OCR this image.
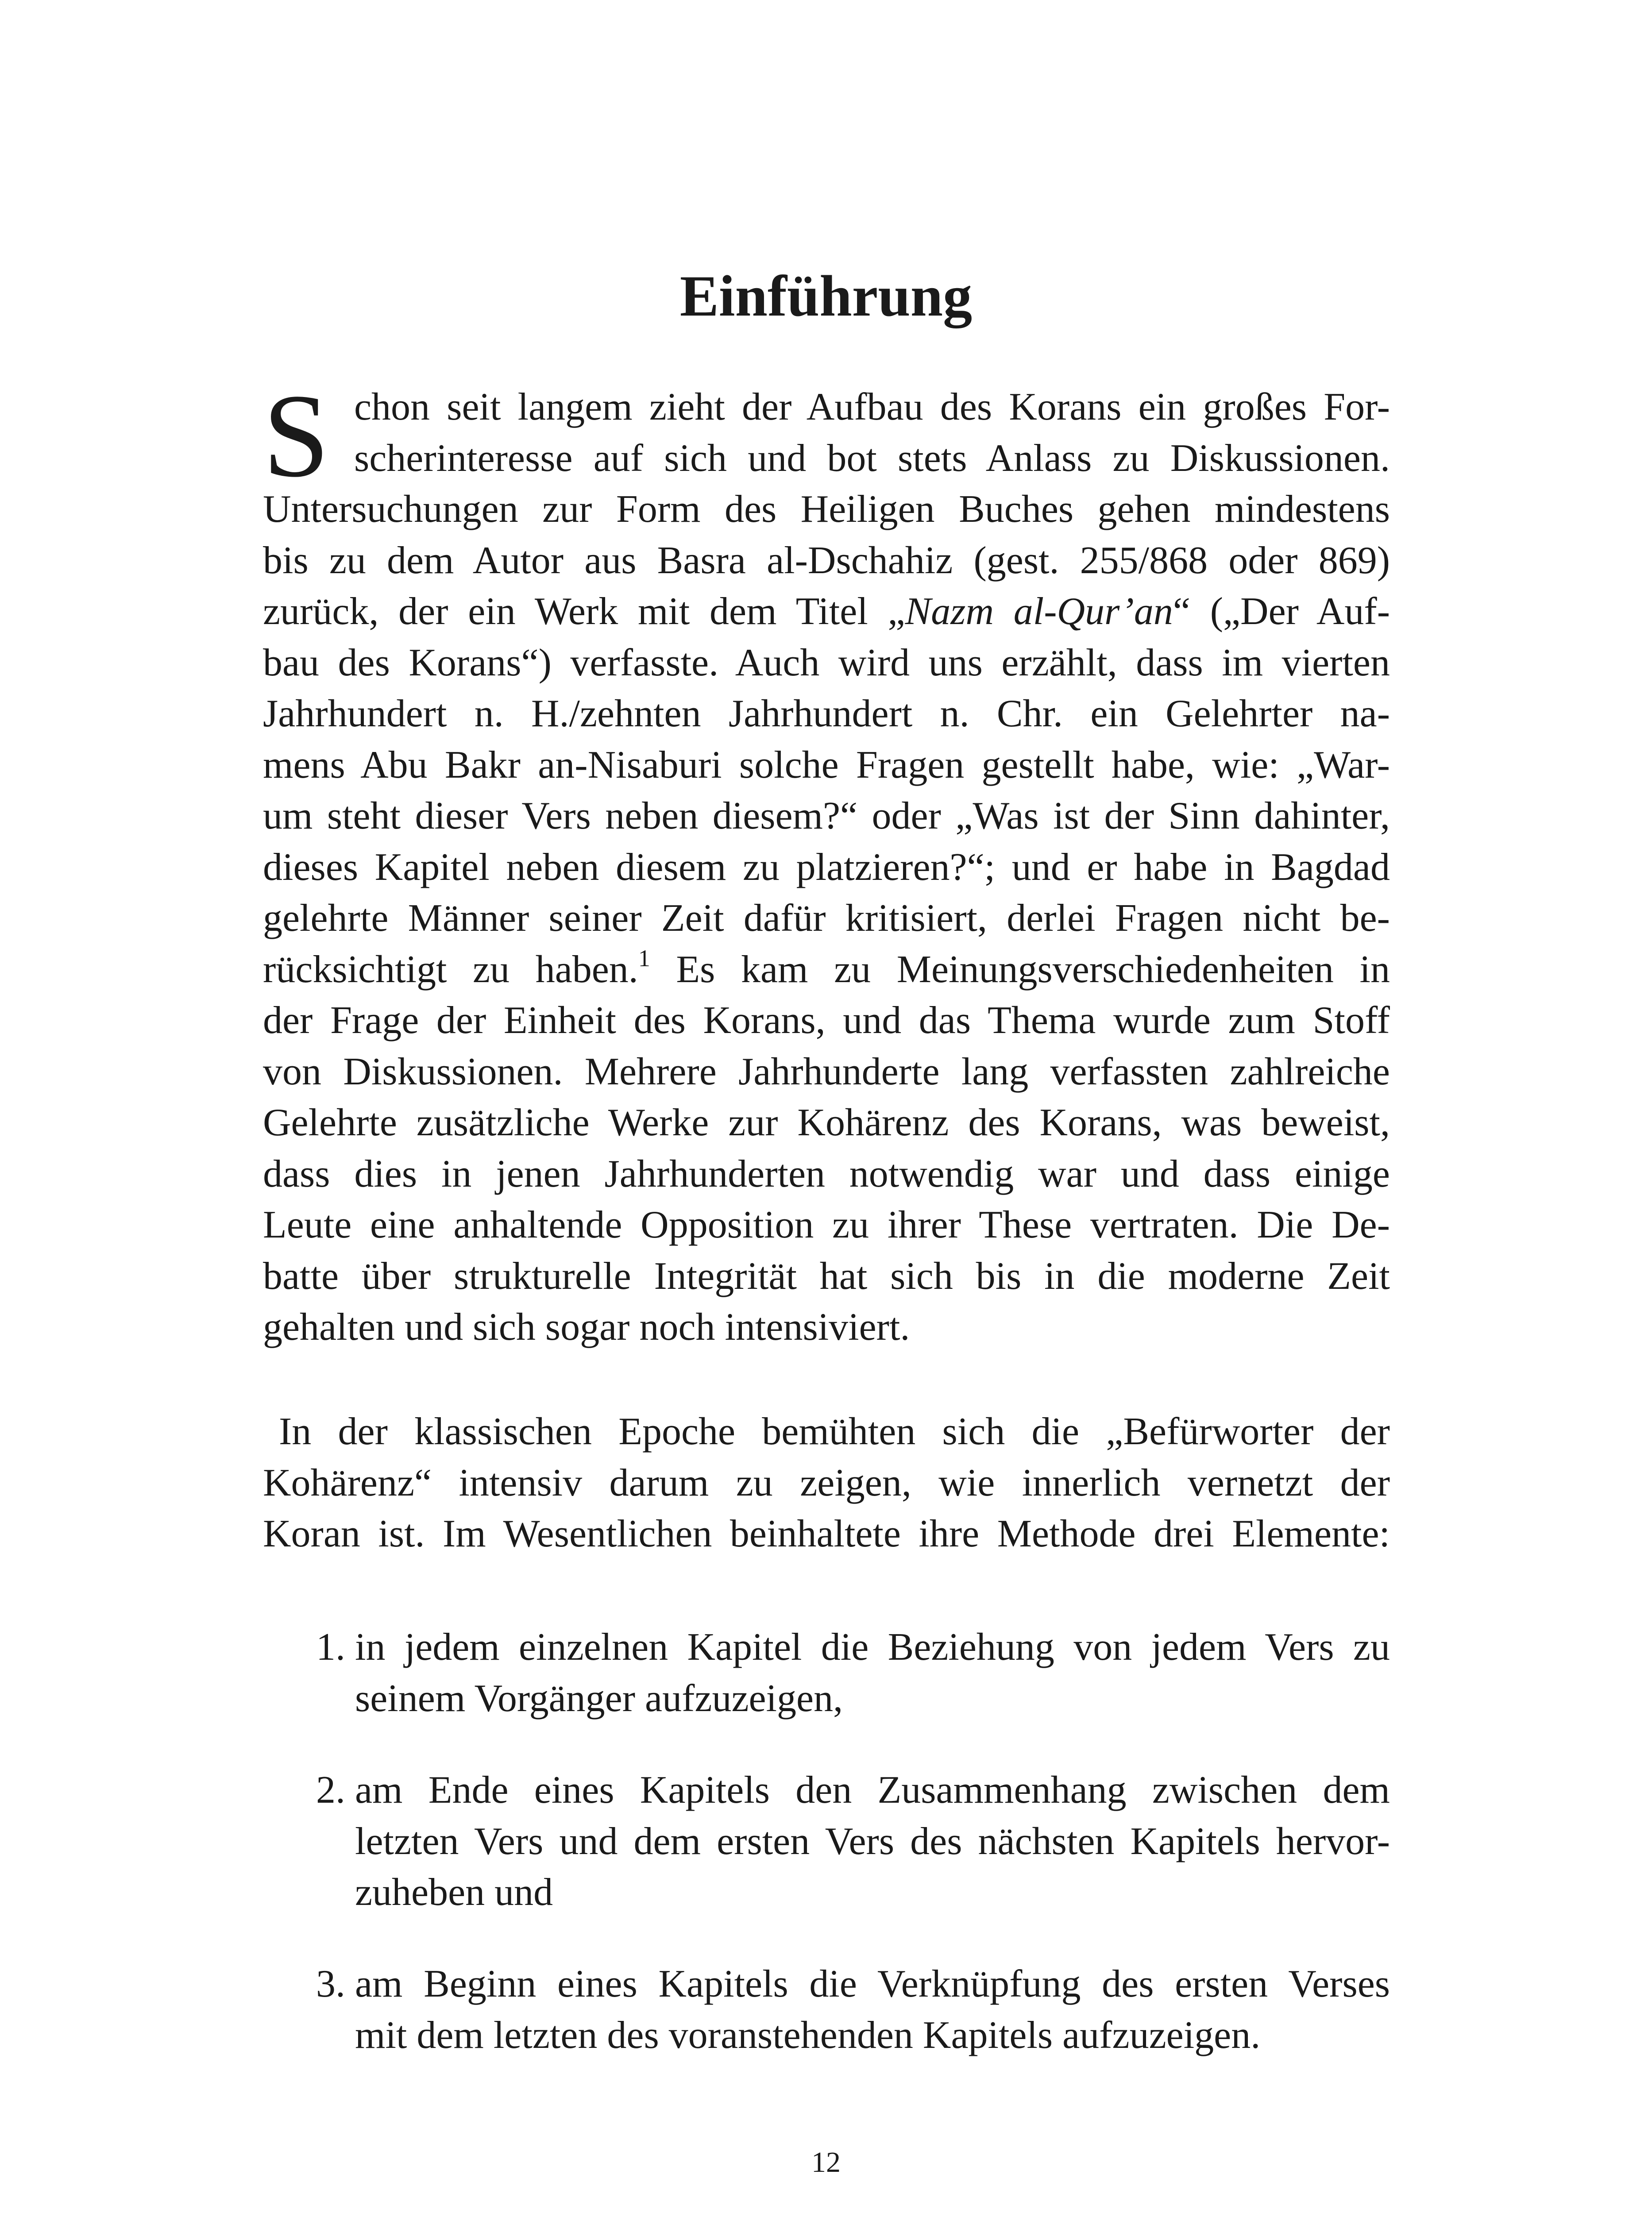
Einführung
S chon seit langem zieht der Aufbau des Korans ein großes For-
scherinteresse auf sich und bot stets Anlass zu Diskussionen.
Untersuchungen zur Form des Heiligen Buches gehen mindestens
bis zu dem Autor aus Basra al-Dschahiz (gest. 255/868 oder 869)
zurück, der ein Werk mit dem Titel „Nazm al-Qur’an“ („Der Auf-
bau des Korans“) verfasste. Auch wird uns erzählt, dass im vierten
Jahrhundert n. H./zehnten Jahrhundert n. Chr. ein Gelehrter na-
mens Abu Bakr an-Nisaburi solche Fragen gestellt habe, wie: „War-
um steht dieser Vers neben diesem?“ oder „Was ist der Sinn dahinter,
dieses Kapitel neben diesem zu platzieren?“; und er habe in Bagdad
gelehrte Männer seiner Zeit dafür kritisiert, derlei Fragen nicht be-
rücksichtigt zu haben.$^1$ Es kam zu Meinungsverschiedenheiten in
der Frage der Einheit des Korans, und das Thema wurde zum Stoff
von Diskussionen. Mehrere Jahrhunderte lang verfassten zahlreiche
Gelehrte zusätzliche Werke zur Kohärenz des Korans, was beweist,
dass dies in jenen Jahrhunderten notwendig war und dass einige
Leute eine anhaltende Opposition zu ihrer These vertraten. Die De-
batte über strukturelle Integrität hat sich bis in die moderne Zeit
gehalten und sich sogar noch intensiviert.
In der klassischen Epoche bemühten sich die „Befürworter der
Kohärenz“ intensiv darum zu zeigen, wie innerlich vernetzt der
Koran ist. Im Wesentlichen beinhaltete ihre Methode drei Elemente:
1. in jedem einzelnen Kapitel die Beziehung von jedem Vers zu
seinem Vorgänger aufzuzeigen,
2. am Ende eines Kapitels den Zusammenhang zwischen dem
letzten Vers und dem ersten Vers des nächsten Kapitels hervor-
zuheben und
3. am Beginn eines Kapitels die Verknüpfung des ersten Verses
mit dem letzten des voranstehenden Kapitels aufzuzeigen.
12
